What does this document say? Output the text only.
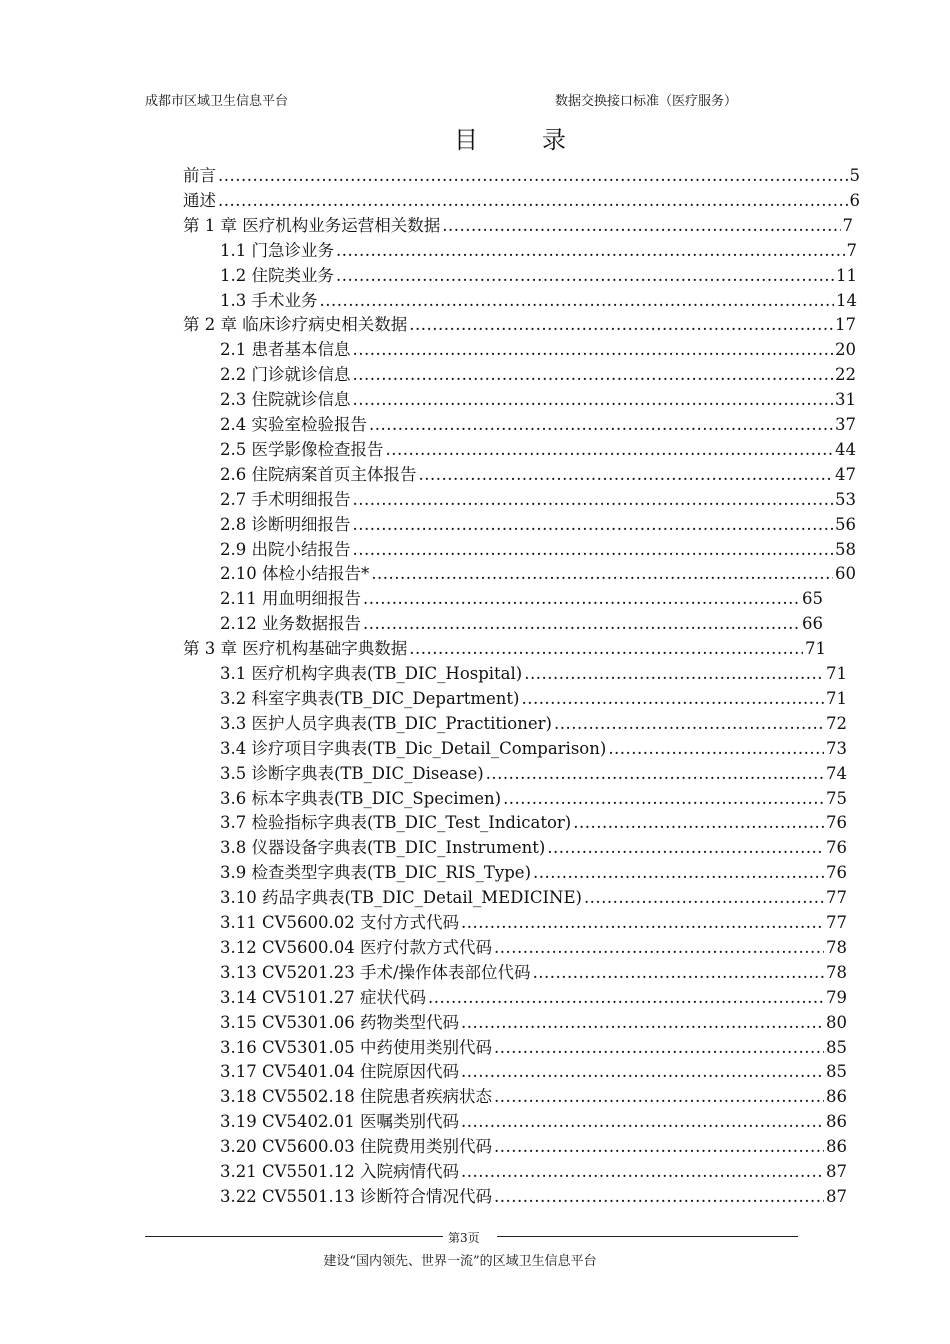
成都市区域卫生信息平台	数据交换接口标准（医疗服务）
目　录
前言 .....	5
通述 .....	6
第 1 章 医疗机构业务运营相关数据 .....	7
1.1 门急诊业务 .....	7
1.2 住院类业务 .....	11
1.3 手术业务 .....	14
第 2 章 临床诊疗病史相关数据 .....	17
2.1 患者基本信息 .....	20
2.2 门诊就诊信息 .....	22
2.3 住院就诊信息 .....	31
2.4 实验室检验报告 .....	37
2.5 医学影像检查报告 .....	44
2.6 住院病案首页主体报告 .....	47
2.7 手术明细报告 .....	53
2.8 诊断明细报告 .....	56
2.9 出院小结报告 .....	58
2.10 体检小结报告* .....	60
2.11 用血明细报告 .....	65
2.12 业务数据报告 .....	66
第 3 章 医疗机构基础字典数据 .....	71
3.1 医疗机构字典表(TB_DIC_Hospital) .....	71
3.2 科室字典表(TB_DIC_Department) .....	71
3.3 医护人员字典表(TB_DIC_Practitioner) .....	72
3.4 诊疗项目字典表(TB_Dic_Detail_Comparison) .....	73
3.5 诊断字典表(TB_DIC_Disease) .....	74
3.6 标本字典表(TB_DIC_Specimen) .....	75
3.7 检验指标字典表(TB_DIC_Test_Indicator) .....	76
3.8 仪器设备字典表(TB_DIC_Instrument) .....	76
3.9 检查类型字典表(TB_DIC_RIS_Type) .....	76
3.10 药品字典表(TB_DIC_Detail_MEDICINE) .....	77
3.11 CV5600.02 支付方式代码 .....	77
3.12 CV5600.04 医疗付款方式代码 .....	78
3.13 CV5201.23 手术/操作体表部位代码 .....	78
3.14 CV5101.27 症状代码 .....	79
3.15 CV5301.06 药物类型代码 .....	80
3.16 CV5301.05 中药使用类别代码 .....	85
3.17 CV5401.04 住院原因代码 .....	85
3.18 CV5502.18 住院患者疾病状态 .....	86
3.19 CV5402.01 医嘱类别代码 .....	86
3.20 CV5600.03 住院费用类别代码 .....	86
3.21 CV5501.12 入院病情代码 .....	87
3.22 CV5501.13 诊断符合情况代码 .....	87
第3页
建设“国内领先、世界一流”的区域卫生信息平台
